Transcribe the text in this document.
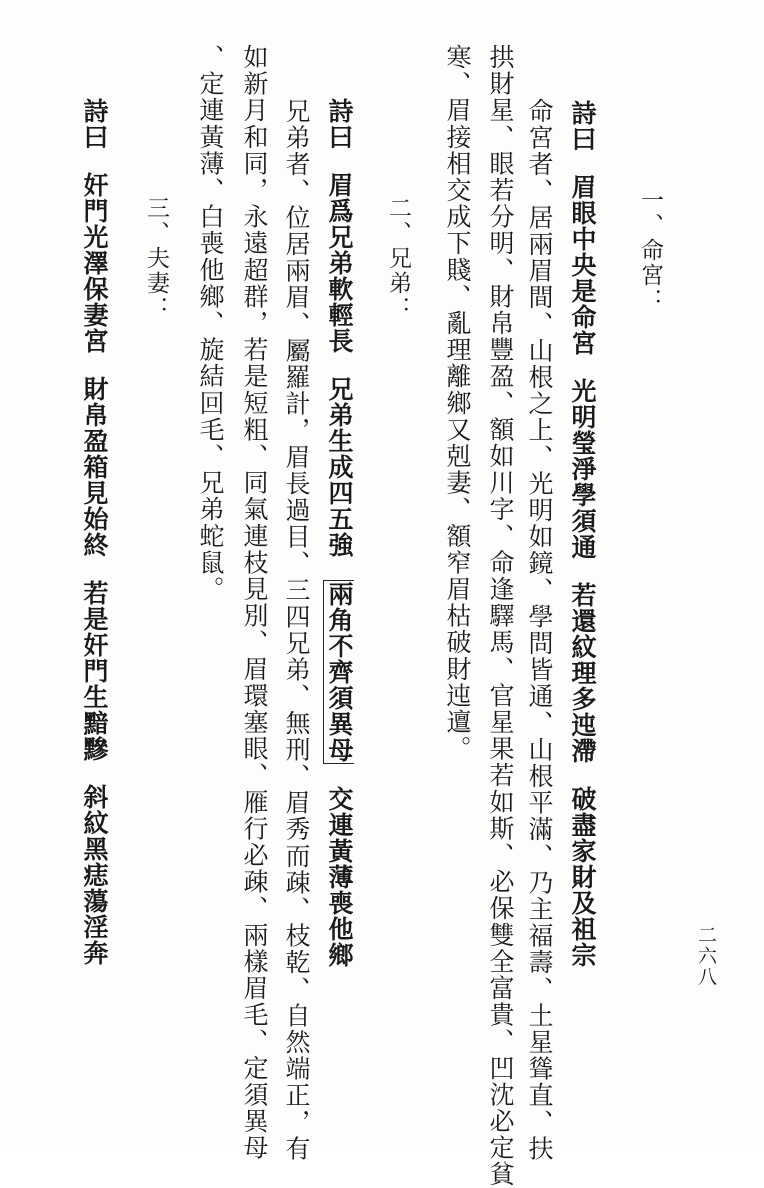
一、命宮：
詩曰眉眼中央是命宮光明瑩淨學須通若還紋理多迍滯破盡家財及祖宗
命宮者、居兩眉間、山根之上、光明如鏡、學問皆通、山根平滿、乃主福壽、土星聳直、扶
拱財星、眼若分明、財帛豐盈、額如川字、命逢驛馬、官星果若如斯、必保雙全富貴、凹沈必定貧
寒、眉接相交成下賤、亂理離鄉又剋妻、額窄眉枯破財迍邅。
二、兄弟：
詩曰眉爲兄弟軟輕長兄弟生成四五強兩角不齊須異母交連黃薄喪他鄉
兄弟者、位居兩眉、屬羅計，眉長過目、三四兄弟、無刑、眉秀而疎、枝乾、自然端正，有
如新月和同，永遠超群，若是短粗、同氣連枝見別、眉環塞眼、雁行必疎、兩樣眉毛、定須異母
、定連黃薄、白喪他鄉、旋結回毛、兄弟蛇鼠。
三、夫妻：
詩曰奸門光澤保妻宮財帛盈箱見始終若是奸門生黯黲斜紋黑痣蕩淫奔	二六八
